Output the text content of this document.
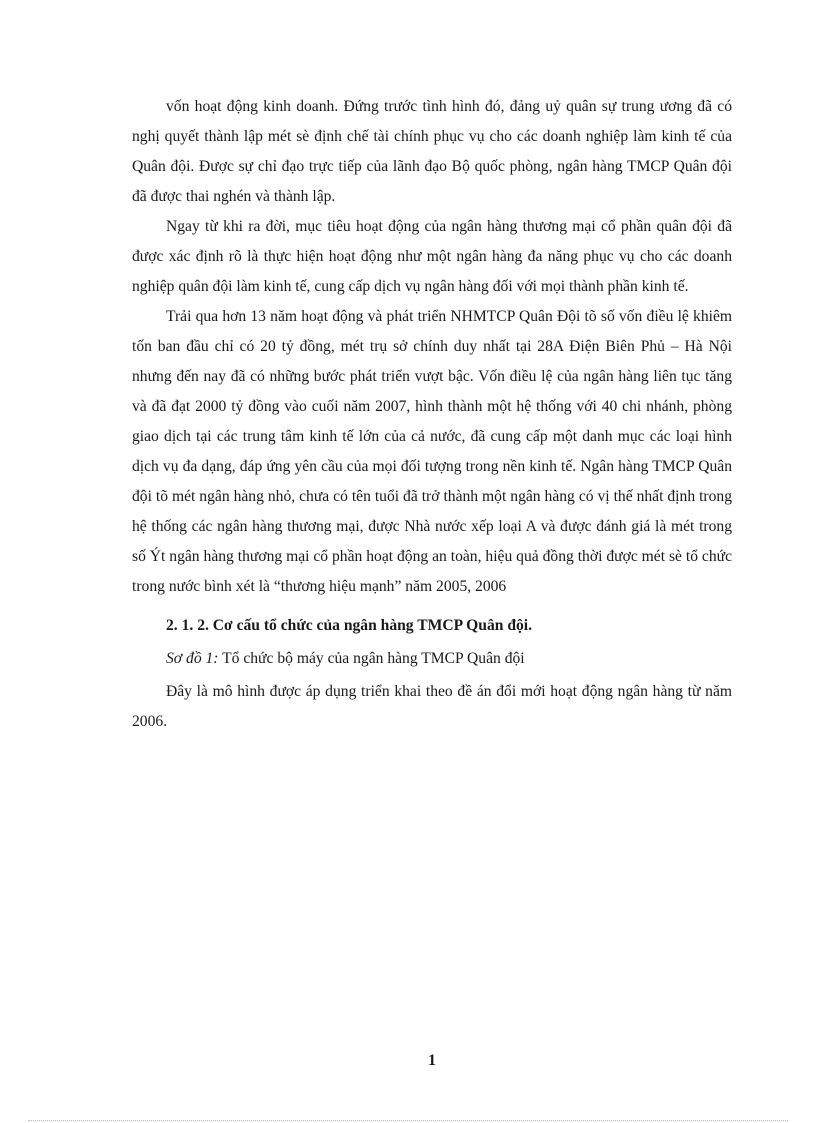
vốn hoạt động kinh doanh. Đứng trước tình hình đó, đảng uỷ quân sự trung ương đã có nghị quyết thành lập mét sè định chế tài chính phục vụ cho các doanh nghiệp làm kinh tế của Quân đội. Được sự chỉ đạo trực tiếp của lãnh đạo Bộ quốc phòng, ngân hàng TMCP Quân đội đã được thai nghén và thành lập.

Ngay từ khi ra đời, mục tiêu hoạt động của ngân hàng thương mại cổ phần quân đội đã được xác định rõ là thực hiện hoạt động như một ngân hàng đa năng phục vụ cho các doanh nghiệp quân đội làm kinh tế, cung cấp dịch vụ ngân hàng đối với mọi thành phần kinh tế.

Trải qua hơn 13 năm hoạt động và phát triển NHMTCP Quân Đội tõ số vốn điều lệ khiêm tốn ban đầu chỉ có 20 tỷ đồng, mét trụ sở chính duy nhất tại 28A Điện Biên Phủ – Hà Nội nhưng đến nay đã có những bước phát triển vượt bậc. Vốn điều lệ của ngân hàng liên tục tăng và đã đạt 2000 tỷ đồng vào cuối năm 2007, hình thành một hệ thống với 40 chi nhánh, phòng giao dịch tại các trung tâm kinh tế lớn của cả nước, đã cung cấp một danh mục các loại hình dịch vụ đa dạng, đáp ứng yên cầu của mọi đối tượng trong nền kinh tế. Ngân hàng TMCP Quân đội tõ mét ngân hàng nhỏ, chưa có tên tuổi đã trở thành một ngân hàng có vị thế nhất định trong hệ thống các ngân hàng thương mại, được Nhà nước xếp loại A và được đánh giá là mét trong số Ýt ngân hàng thương mại cổ phần hoạt động an toàn, hiệu quả đồng thời được mét sè tổ chức trong nước bình xét là “thương hiệu mạnh” năm 2005, 2006

2. 1. 2. Cơ cấu tổ chức của ngân hàng TMCP Quân đội.

Sơ đồ 1: Tổ chức bộ máy của ngân hàng TMCP Quân đội

Đây là mô hình được áp dụng triển khai theo đề án đổi mới hoạt động ngân hàng từ năm 2006.

1
